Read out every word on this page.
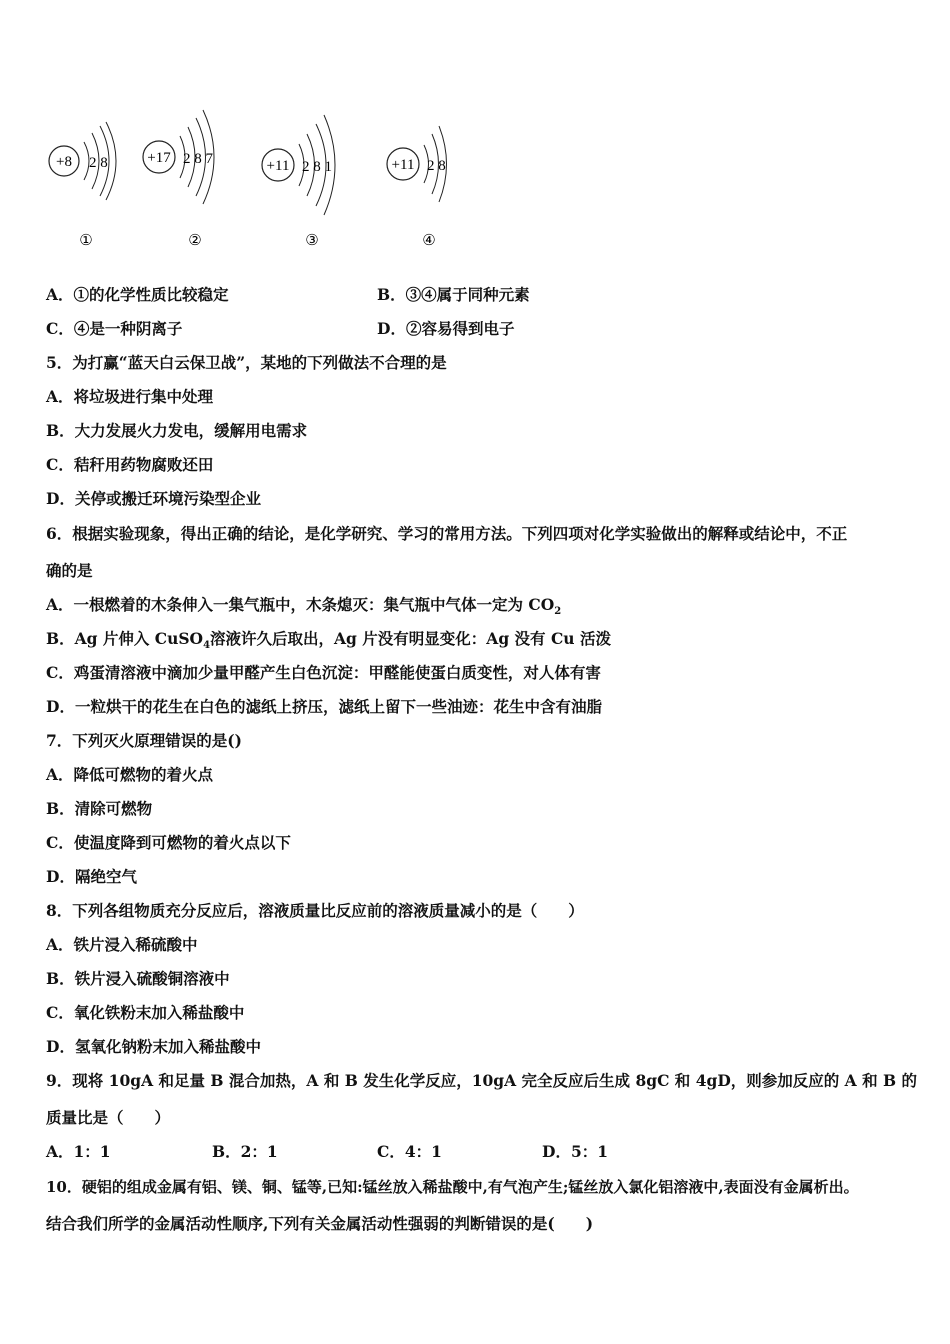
+8 2 8
①
+17 2 8 7
②
+11 2 8 1
③
+11 2 8
④
A．①的化学性质比较稳定	B．③④属于同种元素
C．④是一种阴离子	D．②容易得到电子
5．为打赢“蓝天白云保卫战”，某地的下列做法不合理的是
A．将垃圾进行集中处理
B．大力发展火力发电，缓解用电需求
C．秸秆用药物腐败还田
D．关停或搬迁环境污染型企业
6．根据实验现象，得出正确的结论，是化学研究、学习的常用方法。下列四项对化学实验做出的解释或结论中，不正
确的是
A．一根燃着的木条伸入一集气瓶中，木条熄灭：集气瓶中气体一定为 $CO_2$
B．Ag 片伸入 CuSO$_4$溶液许久后取出，Ag 片没有明显变化：Ag 没有 Cu 活泼
C．鸡蛋清溶液中滴加少量甲醛产生白色沉淀：甲醛能使蛋白质变性，对人体有害
D．一粒烘干的花生在白色的滤纸上挤压，滤纸上留下一些油迹：花生中含有油脂
7．下列灭火原理错误的是()
A．降低可燃物的着火点
B．清除可燃物
C．使温度降到可燃物的着火点以下
D．隔绝空气
8．下列各组物质充分反应后，溶液质量比反应前的溶液质量减小的是（　　）
A．铁片浸入稀硫酸中
B．铁片浸入硫酸铜溶液中
C．氧化铁粉末加入稀盐酸中
D．氢氧化钠粉末加入稀盐酸中
9．现将 10gA 和足量 B 混合加热，A 和 B 发生化学反应，10gA 完全反应后生成 8gC 和 4gD，则参加反应的 A 和 B 的
质量比是（　　）
A．1：1	B．2：1	C．4：1	D．5：1
10．硬铝的组成金属有铝、镁、铜、锰等,已知:锰丝放入稀盐酸中,有气泡产生;锰丝放入氯化铝溶液中,表面没有金属析出。
结合我们所学的金属活动性顺序,下列有关金属活动性强弱的判断错误的是(　　)
